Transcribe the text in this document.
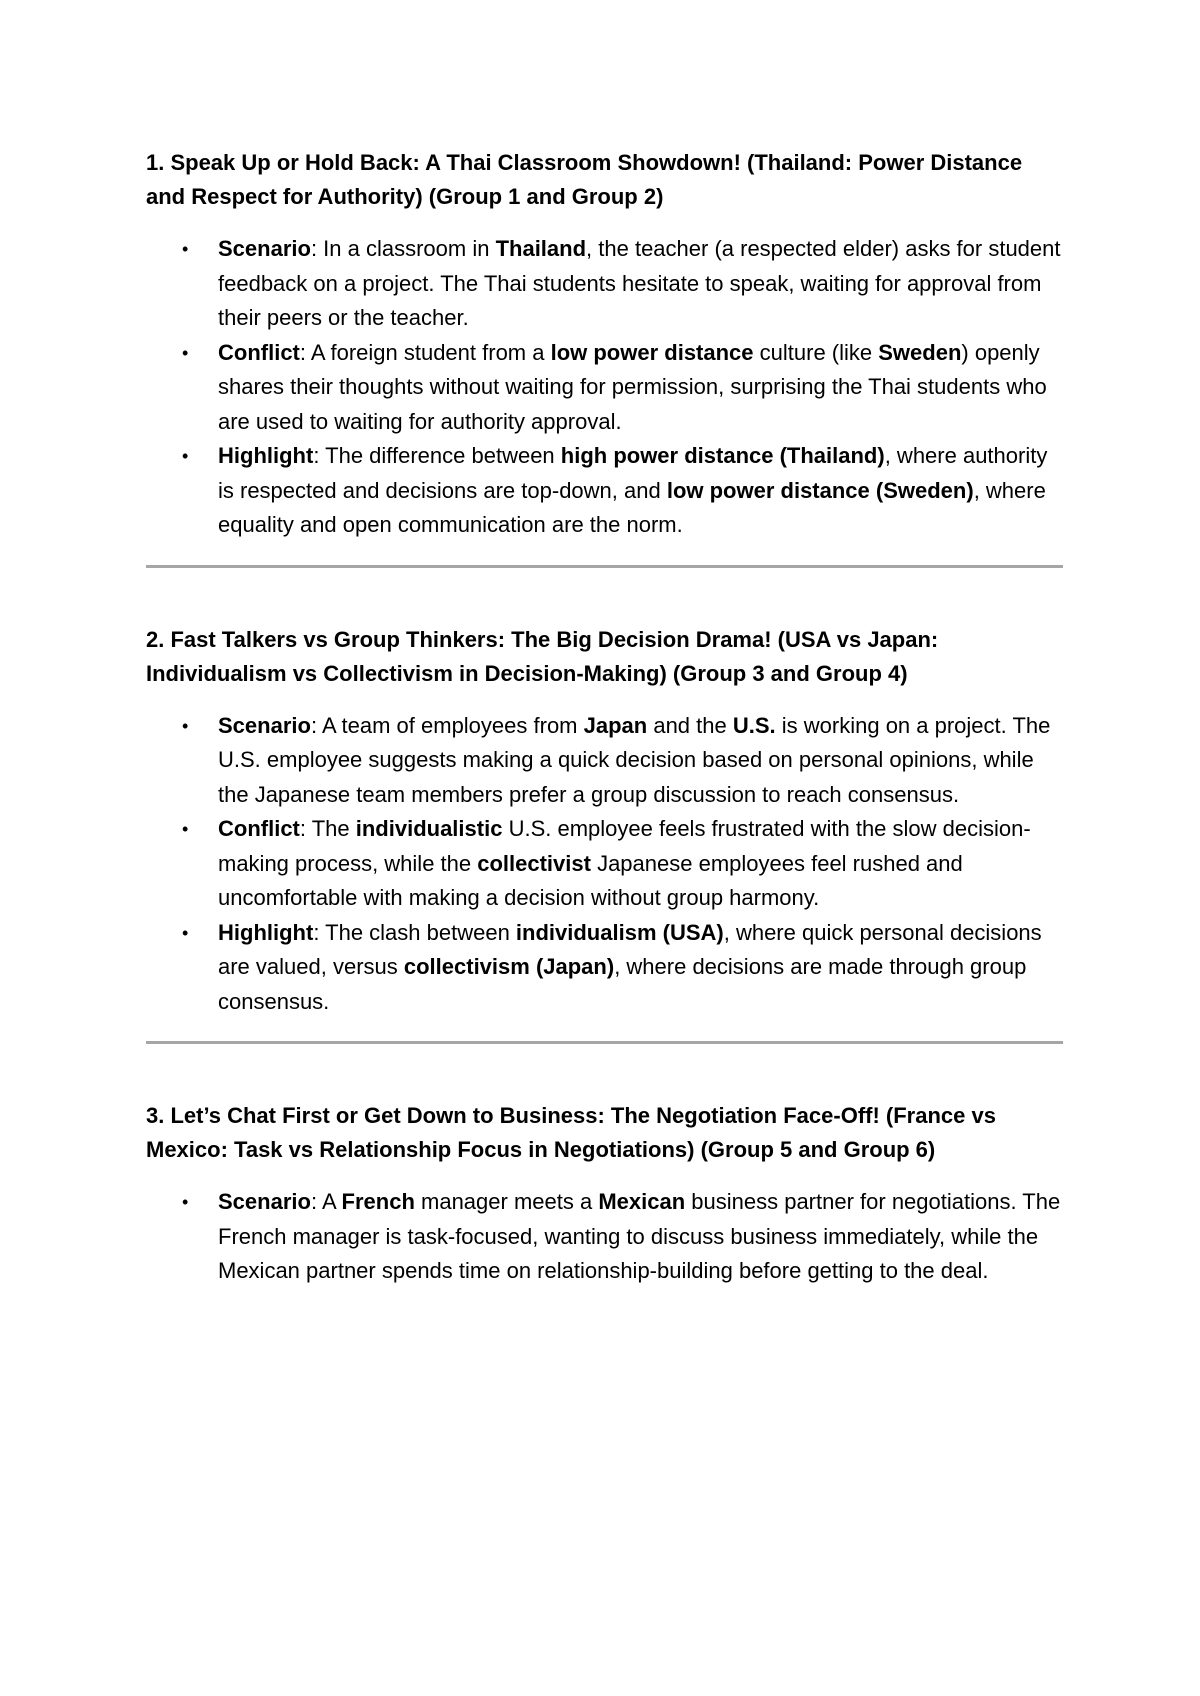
1. Speak Up or Hold Back: A Thai Classroom Showdown! (Thailand: Power Distance and Respect for Authority) (Group 1 and Group 2)

• Scenario: In a classroom in Thailand, the teacher (a respected elder) asks for student feedback on a project. The Thai students hesitate to speak, waiting for approval from their peers or the teacher.
• Conflict: A foreign student from a low power distance culture (like Sweden) openly shares their thoughts without waiting for permission, surprising the Thai students who are used to waiting for authority approval.
• Highlight: The difference between high power distance (Thailand), where authority is respected and decisions are top-down, and low power distance (Sweden), where equality and open communication are the norm.

2. Fast Talkers vs Group Thinkers: The Big Decision Drama! (USA vs Japan: Individualism vs Collectivism in Decision-Making) (Group 3 and Group 4)

• Scenario: A team of employees from Japan and the U.S. is working on a project. The U.S. employee suggests making a quick decision based on personal opinions, while the Japanese team members prefer a group discussion to reach consensus.
• Conflict: The individualistic U.S. employee feels frustrated with the slow decision-making process, while the collectivist Japanese employees feel rushed and uncomfortable with making a decision without group harmony.
• Highlight: The clash between individualism (USA), where quick personal decisions are valued, versus collectivism (Japan), where decisions are made through group consensus.

3. Let’s Chat First or Get Down to Business: The Negotiation Face-Off! (France vs Mexico: Task vs Relationship Focus in Negotiations) (Group 5 and Group 6)

• Scenario: A French manager meets a Mexican business partner for negotiations. The French manager is task-focused, wanting to discuss business immediately, while the Mexican partner spends time on relationship-building before getting to the deal.
